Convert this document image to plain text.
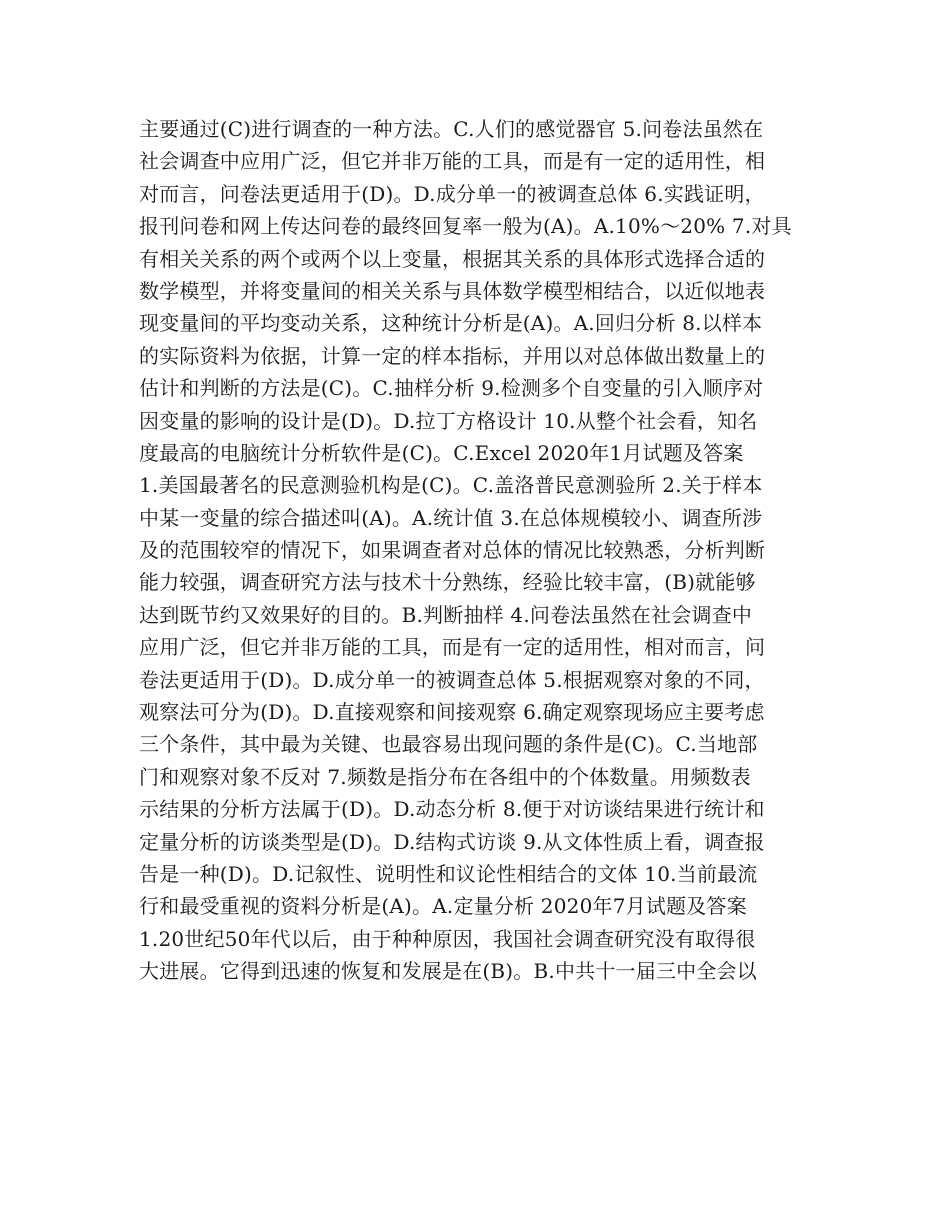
主要通过(C)进行调查的一种方法。C.人们的感觉器官 5.问卷法虽然在
社会调查中应用广泛，但它并非万能的工具，而是有一定的适用性，相
对而言，问卷法更适用于(D)。D.成分单一的被调查总体 6.实践证明，
报刊问卷和网上传达问卷的最终回复率一般为(A)。A.10%～20% 7.对具
有相关关系的两个或两个以上变量，根据其关系的具体形式选择合适的
数学模型，并将变量间的相关关系与具体数学模型相结合，以近似地表
现变量间的平均变动关系，这种统计分析是(A)。A.回归分析 8.以样本
的实际资料为依据，计算一定的样本指标，并用以对总体做出数量上的
估计和判断的方法是(C)。C.抽样分析 9.检测多个自变量的引入顺序对
因变量的影响的设计是(D)。D.拉丁方格设计 10.从整个社会看，知名
度最高的电脑统计分析软件是(C)。C.Excel 2020年1月试题及答案
1.美国最著名的民意测验机构是(C)。C.盖洛普民意测验所 2.关于样本
中某一变量的综合描述叫(A)。A.统计值 3.在总体规模较小、调查所涉
及的范围较窄的情况下，如果调查者对总体的情况比较熟悉，分析判断
能力较强，调查研究方法与技术十分熟练，经验比较丰富，(B)就能够
达到既节约又效果好的目的。B.判断抽样 4.问卷法虽然在社会调查中
应用广泛，但它并非万能的工具，而是有一定的适用性，相对而言，问
卷法更适用于(D)。D.成分单一的被调查总体 5.根据观察对象的不同，
观察法可分为(D)。D.直接观察和间接观察 6.确定观察现场应主要考虑
三个条件，其中最为关键、也最容易出现问题的条件是(C)。C.当地部
门和观察对象不反对 7.频数是指分布在各组中的个体数量。用频数表
示结果的分析方法属于(D)。D.动态分析 8.便于对访谈结果进行统计和
定量分析的访谈类型是(D)。D.结构式访谈 9.从文体性质上看，调查报
告是一种(D)。D.记叙性、说明性和议论性相结合的文体 10.当前最流
行和最受重视的资料分析是(A)。A.定量分析 2020年7月试题及答案
1.20世纪50年代以后，由于种种原因，我国社会调查研究没有取得很
大进展。它得到迅速的恢复和发展是在(B)。B.中共十一届三中全会以
